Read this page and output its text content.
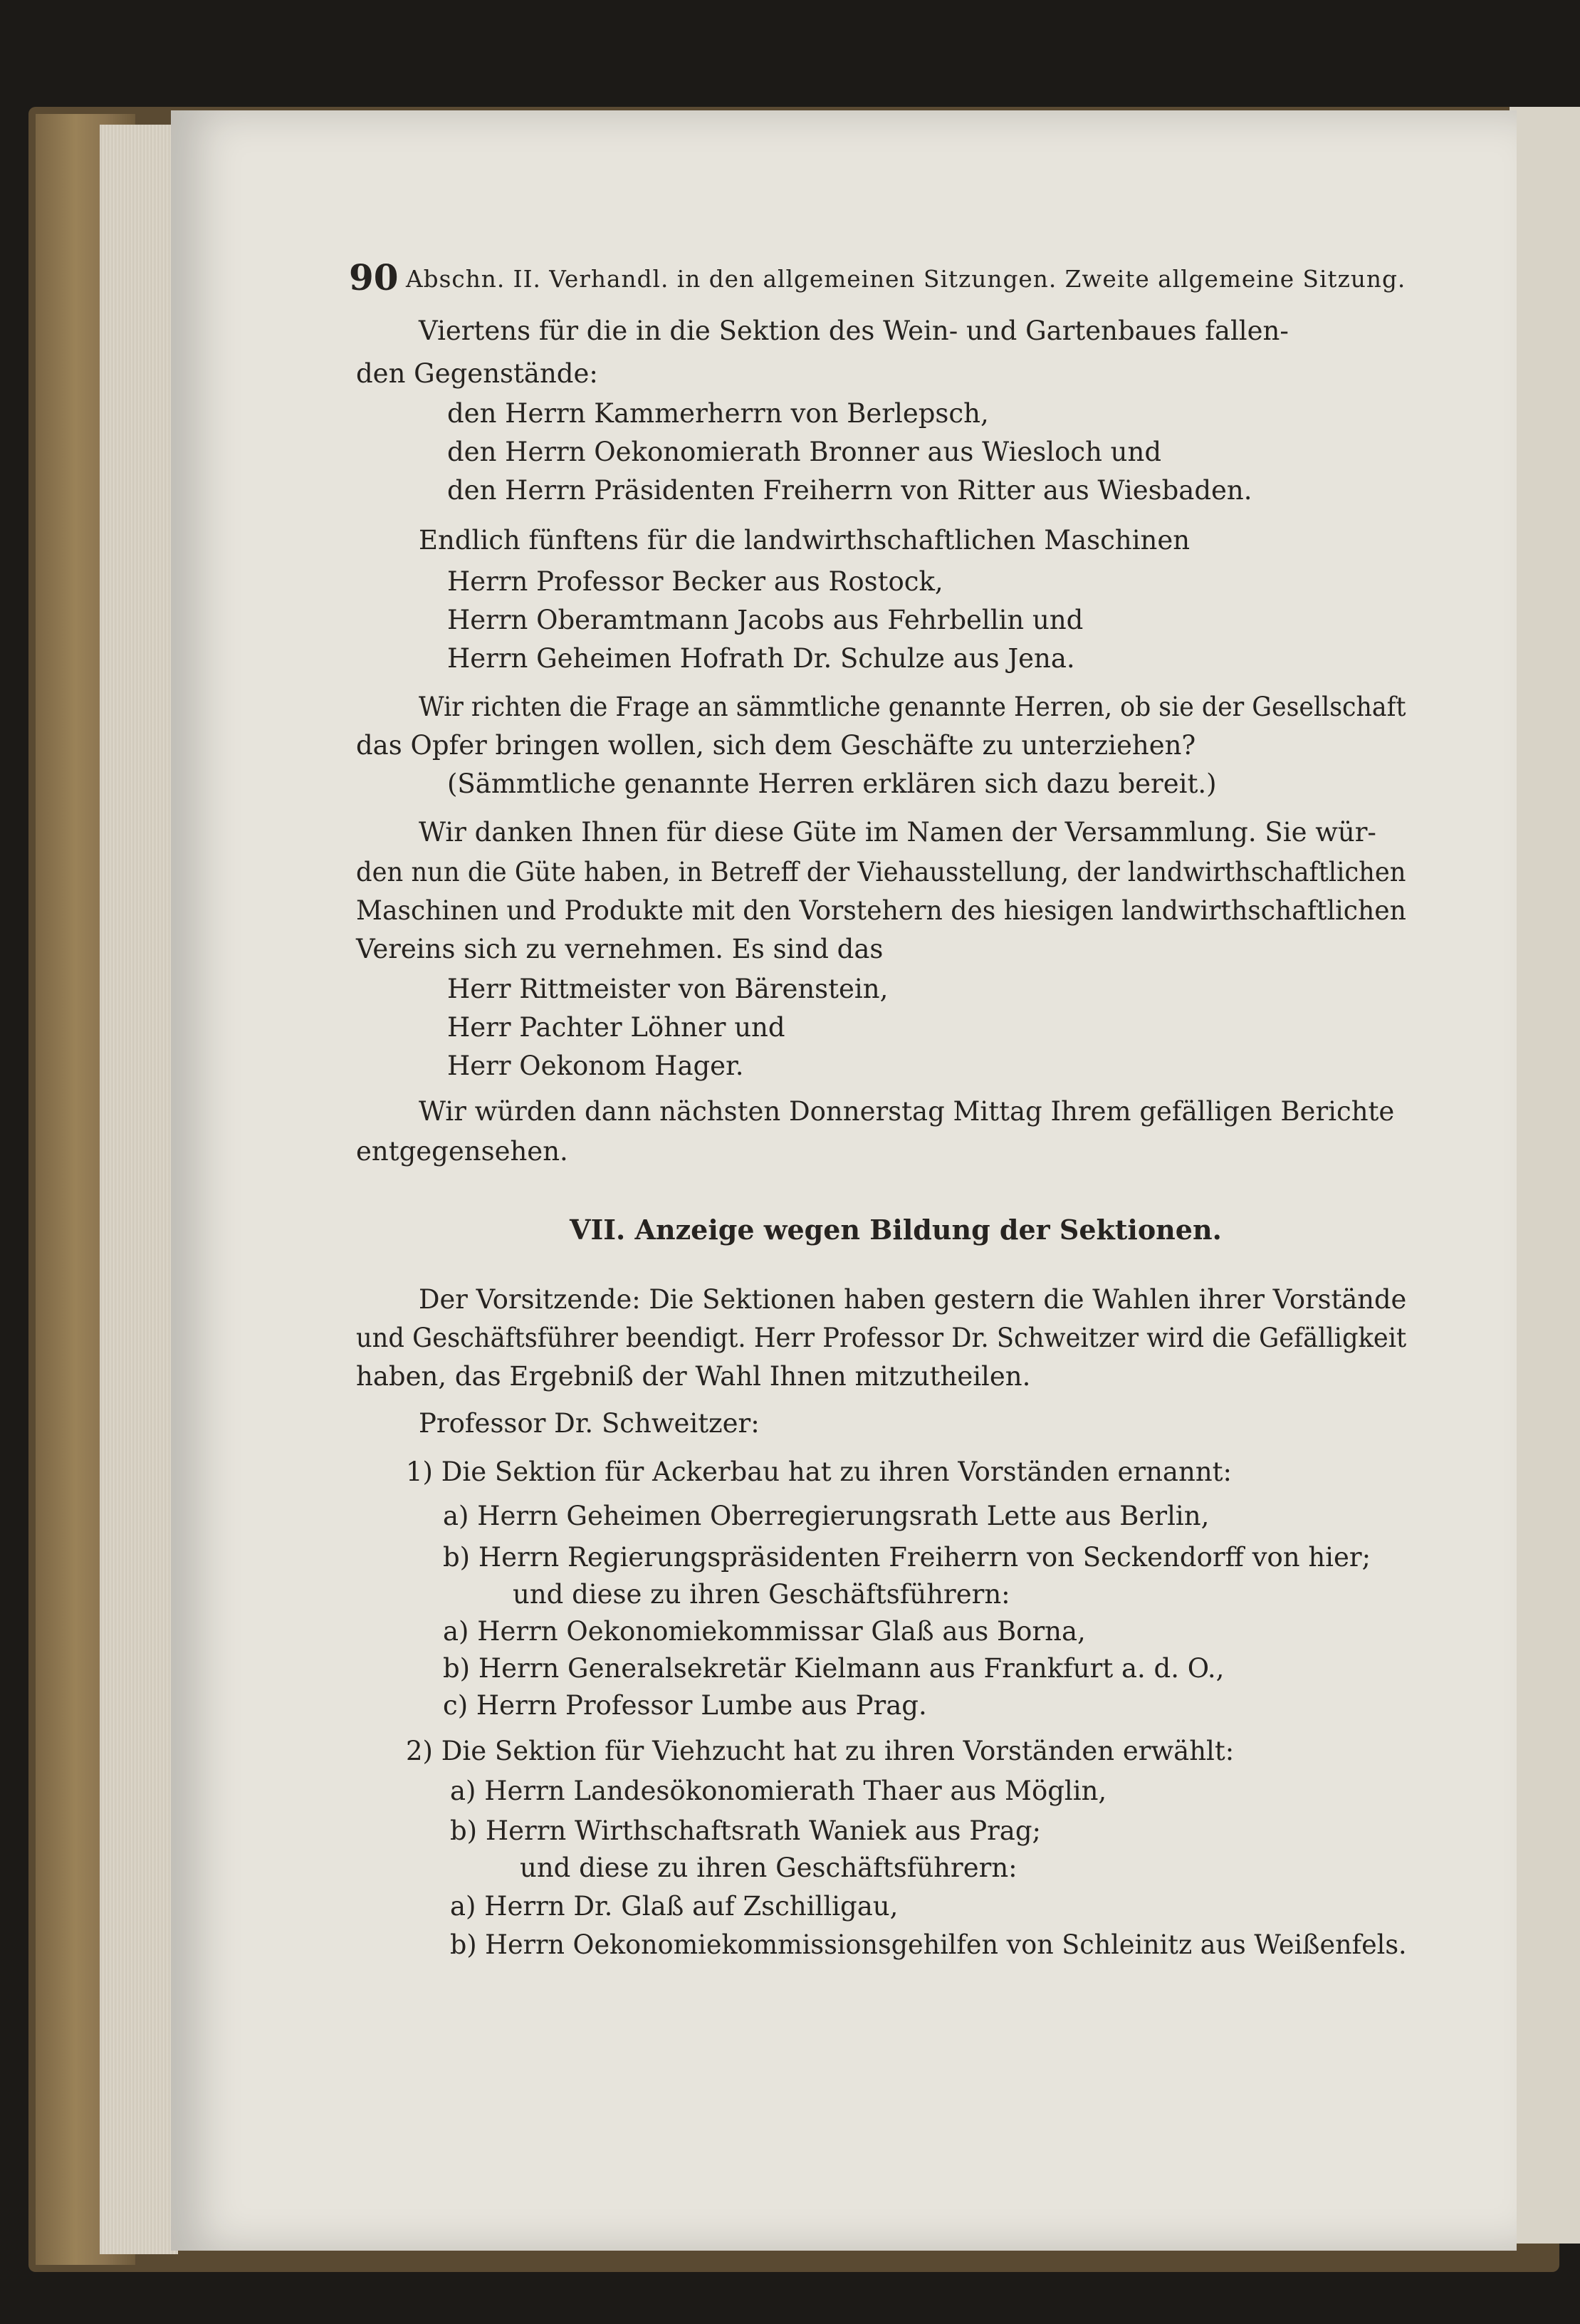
90 Abschn. II. Verhandl. in den allgemeinen Sitzungen. Zweite allgemeine Sitzung.
Viertens für die in die Sektion des Wein- und Gartenbaues fallen-
den Gegenstände:
den Herrn Kammerherrn von Berlepsch,
den Herrn Oekonomierath Bronner aus Wiesloch und
den Herrn Präsidenten Freiherrn von Ritter aus Wiesbaden.
Endlich fünftens für die landwirthschaftlichen Maschinen
Herrn Professor Becker aus Rostock,
Herrn Oberamtmann Jacobs aus Fehrbellin und
Herrn Geheimen Hofrath Dr. Schulze aus Jena.
Wir richten die Frage an sämmtliche genannte Herren, ob sie der Gesellschaft
das Opfer bringen wollen, sich dem Geschäfte zu unterziehen?
(Sämmtliche genannte Herren erklären sich dazu bereit.)
Wir danken Ihnen für diese Güte im Namen der Versammlung. Sie wür-
den nun die Güte haben, in Betreff der Viehausstellung, der landwirthschaftlichen
Maschinen und Produkte mit den Vorstehern des hiesigen landwirthschaftlichen
Vereins sich zu vernehmen. Es sind das
Herr Rittmeister von Bärenstein,
Herr Pachter Löhner und
Herr Oekonom Hager.
Wir würden dann nächsten Donnerstag Mittag Ihrem gefälligen Berichte
entgegensehen.
VII. Anzeige wegen Bildung der Sektionen.
Der Vorsitzende: Die Sektionen haben gestern die Wahlen ihrer Vorstände
und Geschäftsführer beendigt. Herr Professor Dr. Schweitzer wird die Gefälligkeit
haben, das Ergebniß der Wahl Ihnen mitzutheilen.
Professor Dr. Schweitzer:
1) Die Sektion für Ackerbau hat zu ihren Vorständen ernannt:
a) Herrn Geheimen Oberregierungsrath Lette aus Berlin,
b) Herrn Regierungspräsidenten Freiherrn von Seckendorff von hier;
und diese zu ihren Geschäftsführern:
a) Herrn Oekonomiekommissar Glaß aus Borna,
b) Herrn Generalsekretär Kielmann aus Frankfurt a. d. O.,
c) Herrn Professor Lumbe aus Prag.
2) Die Sektion für Viehzucht hat zu ihren Vorständen erwählt:
a) Herrn Landesökonomierath Thaer aus Möglin,
b) Herrn Wirthschaftsrath Waniek aus Prag;
und diese zu ihren Geschäftsführern:
a) Herrn Dr. Glaß auf Zschilligau,
b) Herrn Oekonomiekommissionsgehilfen von Schleinitz aus Weißenfels.
